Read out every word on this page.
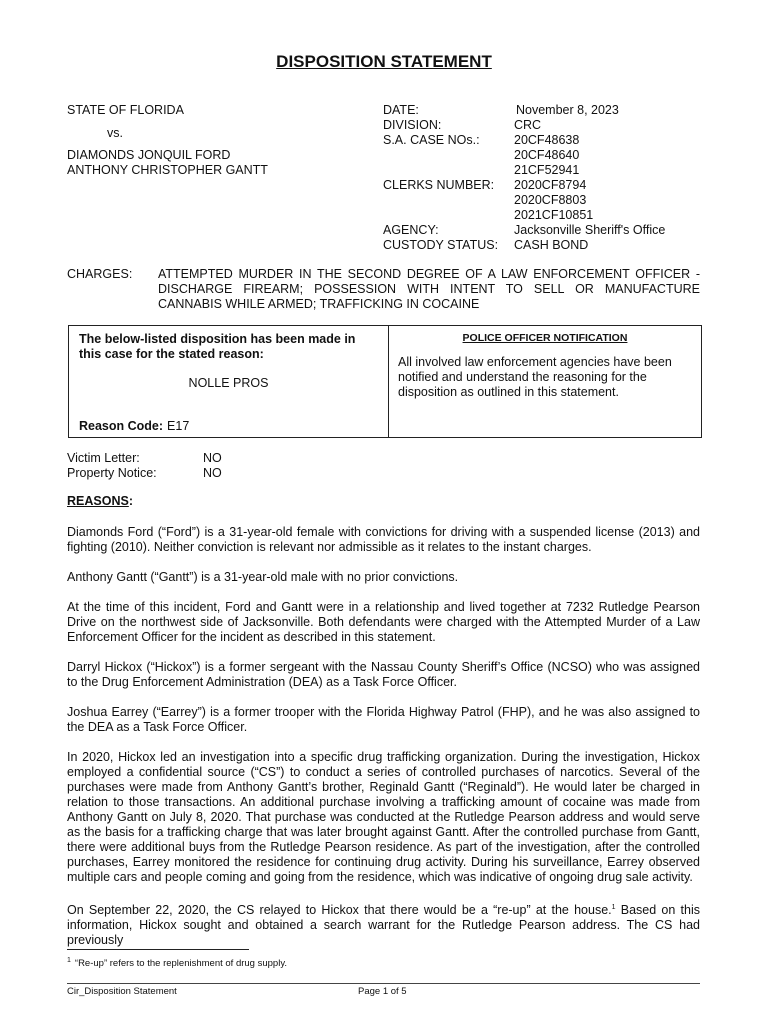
DISPOSITION STATEMENT
STATE OF FLORIDA
vs.
DIAMONDS JONQUIL FORD
ANTHONY CHRISTOPHER GANTT
DATE:	November 8, 2023
DIVISION:	CRC
S.A. CASE NOs.:	20CF48638
20CF48640
21CF52941
CLERKS NUMBER:	2020CF8794
2020CF8803
2021CF10851
AGENCY:	Jacksonville Sheriff's Office
CUSTODY STATUS:	CASH BOND
CHARGES:	ATTEMPTED MURDER IN THE SECOND DEGREE OF A LAW ENFORCEMENT OFFICER - DISCHARGE FIREARM; POSSESSION WITH INTENT TO SELL OR MANUFACTURE CANNABIS WHILE ARMED; TRAFFICKING IN COCAINE
The below-listed disposition has been made in this case for the stated reason:
NOLLE PROS
Reason Code: E17
POLICE OFFICER NOTIFICATION
All involved law enforcement agencies have been notified and understand the reasoning for the disposition as outlined in this statement.
Victim Letter:	NO
Property Notice:	NO
REASONS:
Diamonds Ford (“Ford”) is a 31-year-old female with convictions for driving with a suspended license (2013) and fighting (2010). Neither conviction is relevant nor admissible as it relates to the instant charges.
Anthony Gantt (“Gantt”) is a 31-year-old male with no prior convictions.
At the time of this incident, Ford and Gantt were in a relationship and lived together at 7232 Rutledge Pearson Drive on the northwest side of Jacksonville. Both defendants were charged with the Attempted Murder of a Law Enforcement Officer for the incident as described in this statement.
Darryl Hickox (“Hickox”) is a former sergeant with the Nassau County Sheriff’s Office (NCSO) who was assigned to the Drug Enforcement Administration (DEA) as a Task Force Officer.
Joshua Earrey (“Earrey”) is a former trooper with the Florida Highway Patrol (FHP), and he was also assigned to the DEA as a Task Force Officer.
In 2020, Hickox led an investigation into a specific drug trafficking organization. During the investigation, Hickox employed a confidential source (“CS”) to conduct a series of controlled purchases of narcotics. Several of the purchases were made from Anthony Gantt’s brother, Reginald Gantt (“Reginald”). He would later be charged in relation to those transactions. An additional purchase involving a trafficking amount of cocaine was made from Anthony Gantt on July 8, 2020. That purchase was conducted at the Rutledge Pearson address and would serve as the basis for a trafficking charge that was later brought against Gantt. After the controlled purchase from Gantt, there were additional buys from the Rutledge Pearson residence. As part of the investigation, after the controlled purchases, Earrey monitored the residence for continuing drug activity. During his surveillance, Earrey observed multiple cars and people coming and going from the residence, which was indicative of ongoing drug sale activity.
On September 22, 2020, the CS relayed to Hickox that there would be a “re-up” at the house.$^1$ Based on this information, Hickox sought and obtained a search warrant for the Rutledge Pearson address. The CS had previously
$^1$ “Re-up” refers to the replenishment of drug supply.
Cir_Disposition Statement	Page 1 of 5
